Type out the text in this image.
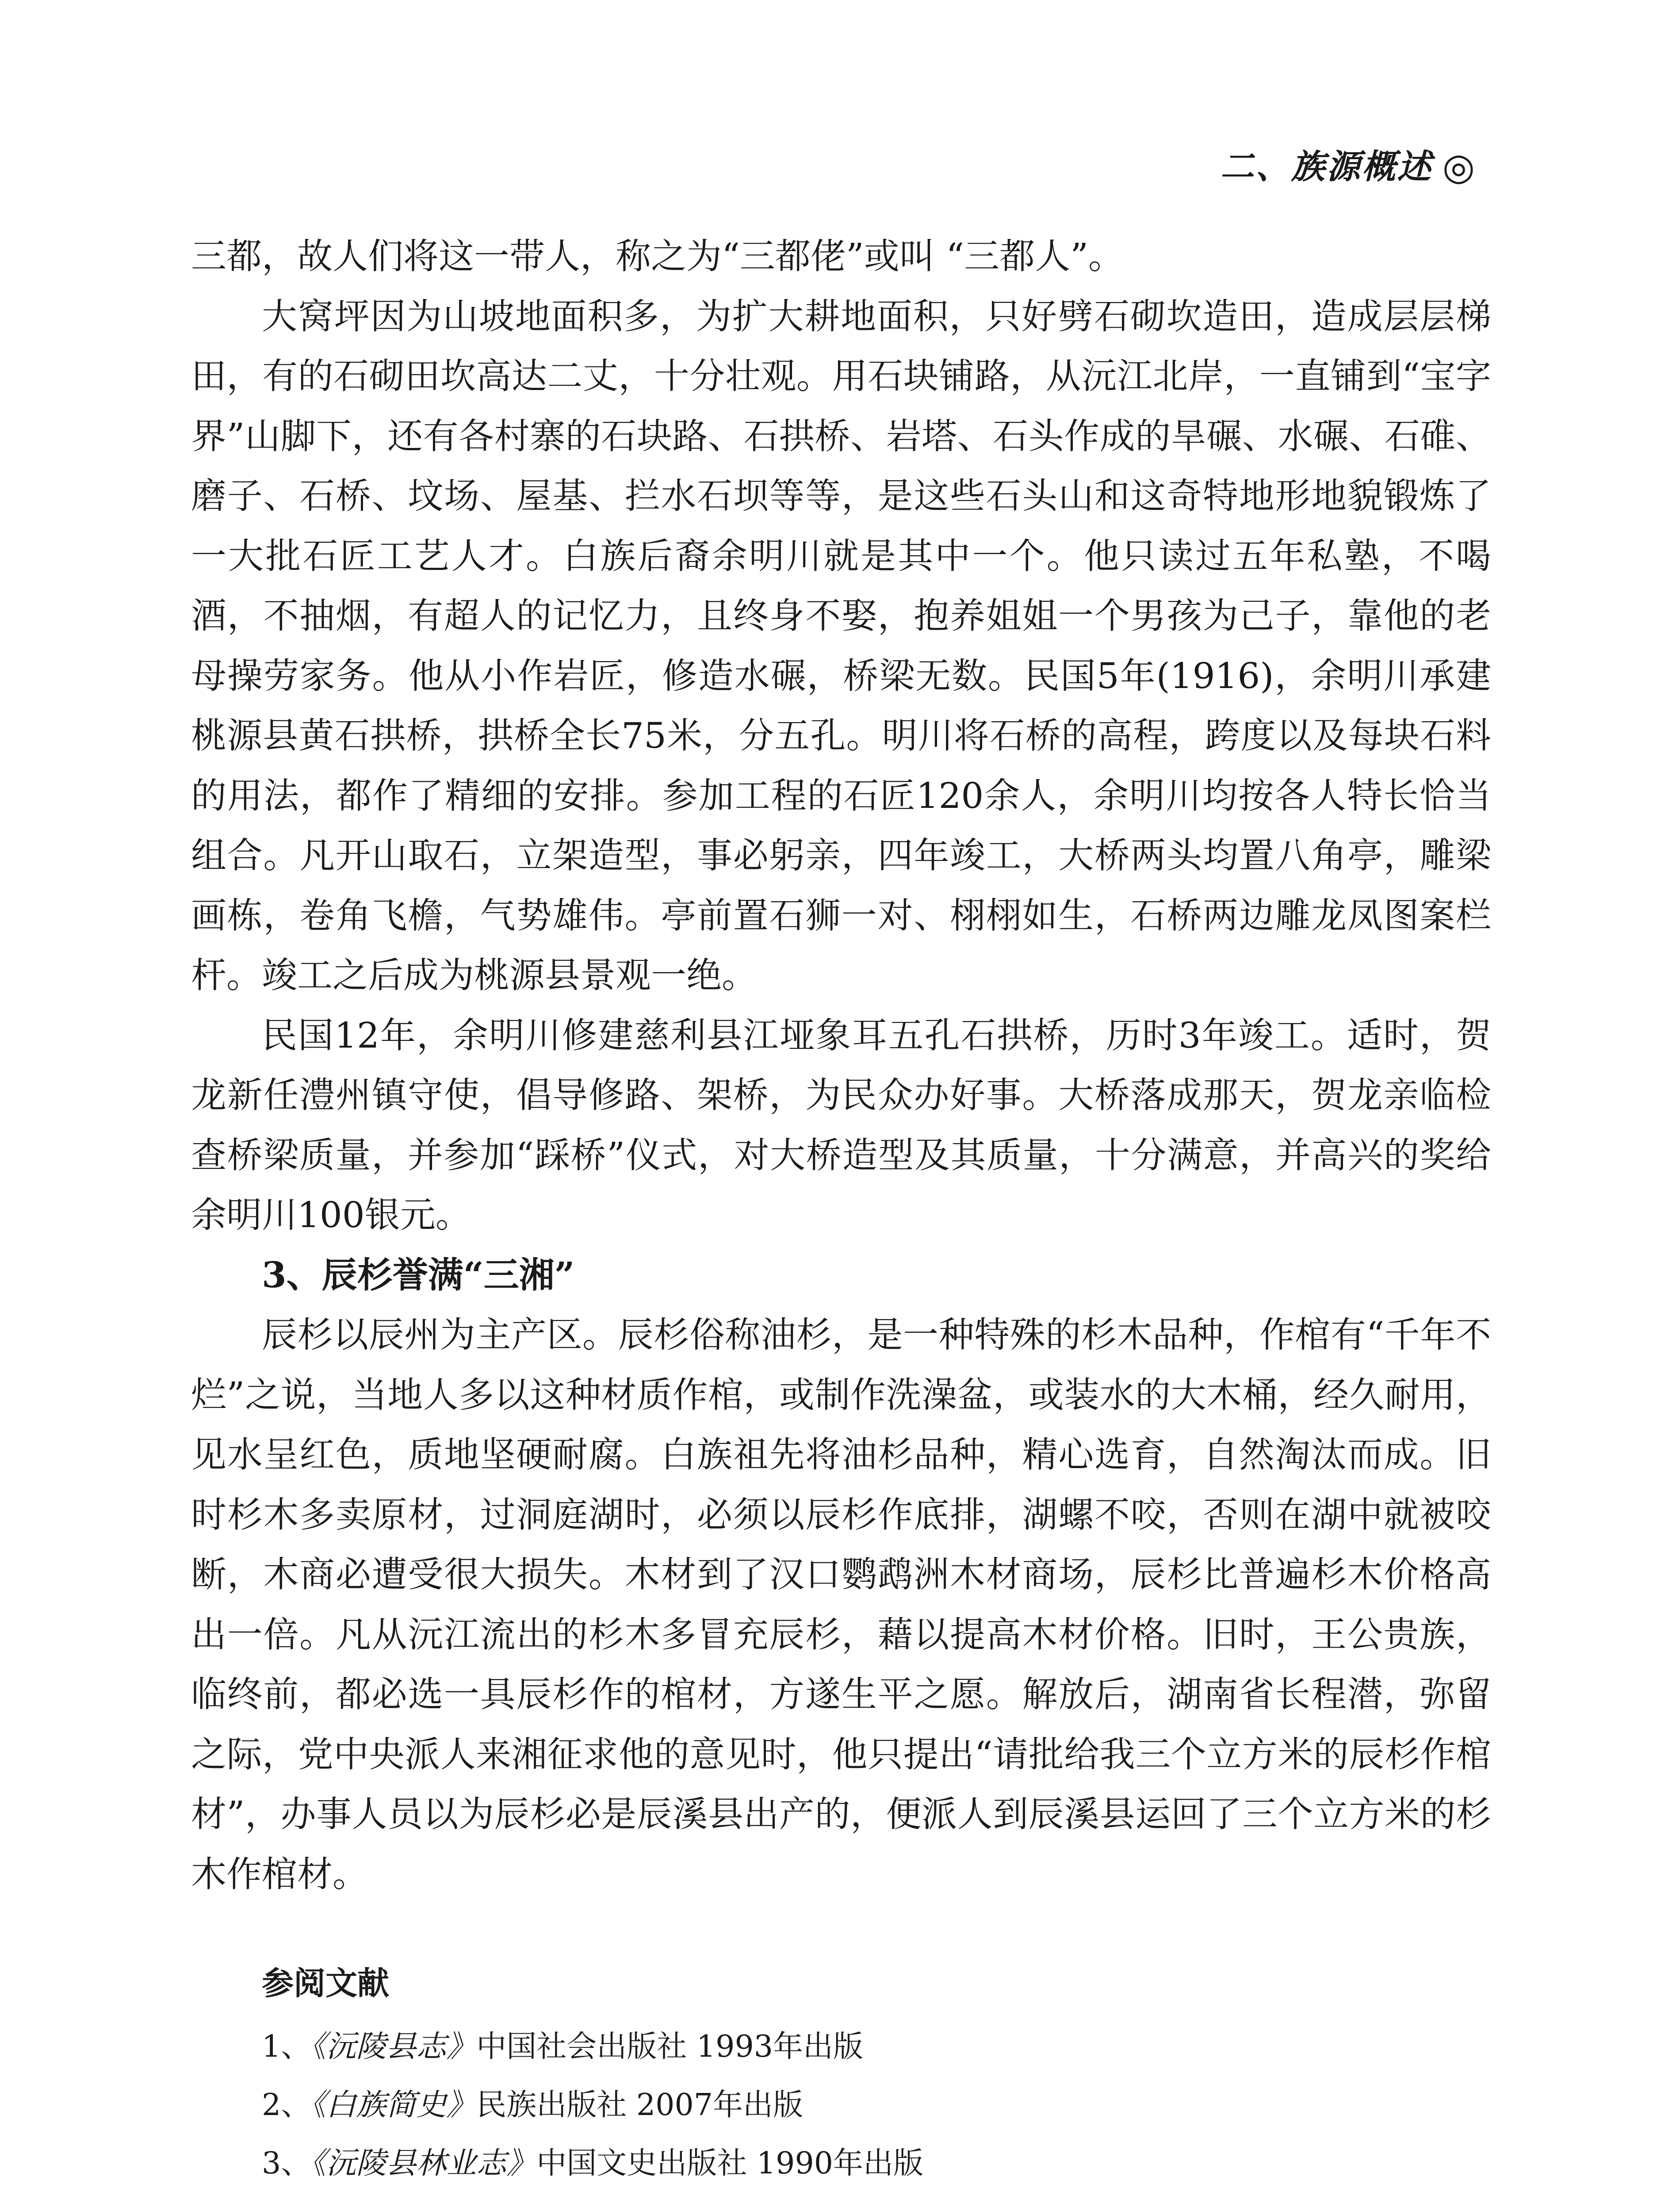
二、族源概述 ◎

三都，故人们将这一带人，称之为“三都佬”或叫 “三都人”。

大窝坪因为山坡地面积多，为扩大耕地面积，只好劈石砌坎造田，造成层层梯田，有的石砌田坎高达二丈，十分壮观。用石块铺路，从沅江北岸，一直铺到“宝字界”山脚下，还有各村寨的石块路、石拱桥、岩塔、石头作成的旱碾、水碾、石碓、磨子、石桥、坟场、屋基、拦水石坝等等，是这些石头山和这奇特地形地貌锻炼了一大批石匠工艺人才。白族后裔余明川就是其中一个。他只读过五年私塾，不喝酒，不抽烟，有超人的记忆力，且终身不娶，抱养姐姐一个男孩为己子，靠他的老母操劳家务。他从小作岩匠，修造水碾，桥梁无数。民国5年(1916)，余明川承建桃源县黄石拱桥，拱桥全长75米，分五孔。明川将石桥的高程，跨度以及每块石料的用法，都作了精细的安排。参加工程的石匠120余人，余明川均按各人特长恰当组合。凡开山取石，立架造型，事必躬亲，四年竣工，大桥两头均置八角亭，雕梁画栋，卷角飞檐，气势雄伟。亭前置石狮一对、栩栩如生，石桥两边雕龙凤图案栏杆。竣工之后成为桃源县景观一绝。

民国12年，余明川修建慈利县江垭象耳五孔石拱桥，历时3年竣工。适时，贺龙新任澧州镇守使，倡导修路、架桥，为民众办好事。大桥落成那天，贺龙亲临检查桥梁质量，并参加“踩桥”仪式，对大桥造型及其质量，十分满意，并高兴的奖给余明川100银元。

3、辰杉誉满“三湘”

辰杉以辰州为主产区。辰杉俗称油杉，是一种特殊的杉木品种，作棺有“千年不烂”之说，当地人多以这种材质作棺，或制作洗澡盆，或装水的大木桶，经久耐用，见水呈红色，质地坚硬耐腐。白族祖先将油杉品种，精心选育，自然淘汰而成。旧时杉木多卖原材，过洞庭湖时，必须以辰杉作底排，湖螺不咬，否则在湖中就被咬断，木商必遭受很大损失。木材到了汉口鹦鹉洲木材商场，辰杉比普遍杉木价格高出一倍。凡从沅江流出的杉木多冒充辰杉，藉以提高木材价格。旧时，王公贵族，临终前，都必选一具辰杉作的棺材，方遂生平之愿。解放后，湖南省长程潜，弥留之际，党中央派人来湘征求他的意见时，他只提出“请批给我三个立方米的辰杉作棺材”，办事人员以为辰杉必是辰溪县出产的，便派人到辰溪县运回了三个立方米的杉木作棺材。

参阅文献
1、《沅陵县志》中国社会出版社 1993年出版
2、《白族简史》民族出版社 2007年出版
3、《沅陵县林业志》中国文史出版社 1990年出版
